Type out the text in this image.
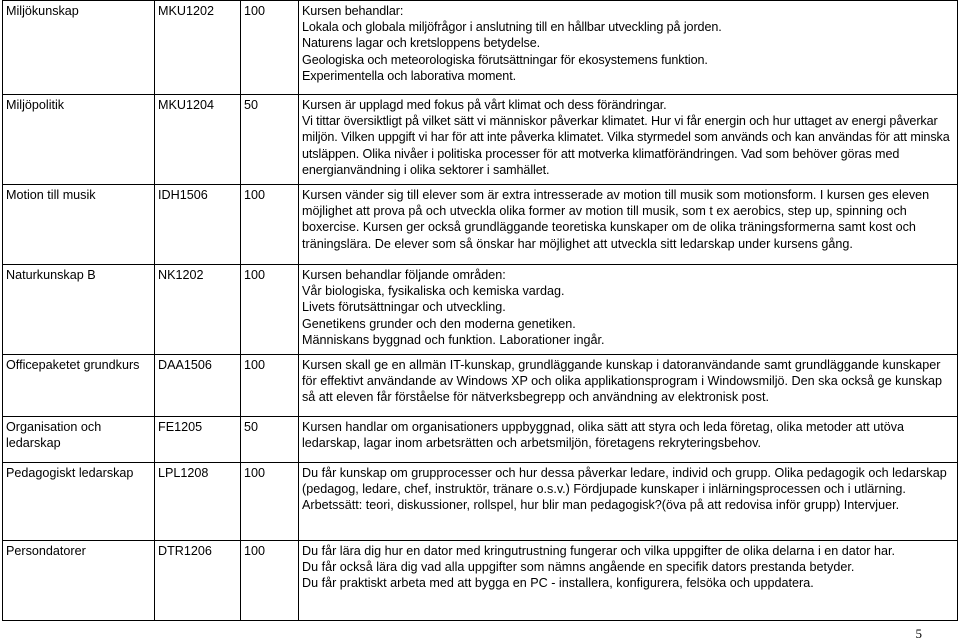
Miljökunskap	MKU1202	100	Kursen behandlar:
Lokala och globala miljöfrågor i anslutning till en hållbar utveckling på jorden.
Naturens lagar och kretsloppens betydelse.
Geologiska och meteorologiska förutsättningar för ekosystemens funktion.
Experimentella och laborativa moment.

Miljöpolitik	MKU1204	50	Kursen är upplagd med fokus på vårt klimat och dess förändringar.
Vi tittar översiktligt på vilket sätt vi människor påverkar klimatet. Hur vi får energin och hur uttaget av energi påverkar miljön. Vilken uppgift vi har för att inte påverka klimatet. Vilka styrmedel som används och kan användas för att minska utsläppen. Olika nivåer i politiska processer för att motverka klimatförändringen. Vad som behöver göras med energianvändning i olika sektorer i samhället.

Motion till musik	IDH1506	100	Kursen vänder sig till elever som är extra intresserade av motion till musik som motionsform. I kursen ges eleven möjlighet att prova på och utveckla olika former av motion till musik, som t ex aerobics, step up, spinning och boxercise. Kursen ger också grundläggande teoretiska kunskaper om de olika träningsformerna samt kost och träningslära. De elever som så önskar har möjlighet att utveckla sitt ledarskap under kursens gång.

Naturkunskap B	NK1202	100	Kursen behandlar följande områden:
Vår biologiska, fysikaliska och kemiska vardag.
Livets förutsättningar och utveckling.
Genetikens grunder och den moderna genetiken.
Människans byggnad och funktion. Laborationer ingår.

Officepaketet grundkurs	DAA1506	100	Kursen skall ge en allmän IT-kunskap, grundläggande kunskap i datoranvändande samt grundläggande kunskaper för effektivt användande av Windows XP och olika applikationsprogram i Windowsmiljö. Den ska också ge kunskap så att eleven får förståelse för nätverksbegrepp och användning av elektronisk post.

Organisation och ledarskap	FE1205	50	Kursen handlar om organisationers uppbyggnad, olika sätt att styra och leda företag, olika metoder att utöva ledarskap, lagar inom arbetsrätten och arbetsmiljön, företagens rekryteringsbehov.

Pedagogiskt ledarskap	LPL1208	100	Du får kunskap om grupprocesser och hur dessa påverkar ledare, individ och grupp. Olika pedagogik och ledarskap (pedagog, ledare, chef, instruktör, tränare o.s.v.) Fördjupade kunskaper i inlärningsprocessen och i utlärning. Arbetssätt: teori, diskussioner, rollspel, hur blir man pedagogisk?(öva på att redovisa inför grupp) Intervjuer.

Persondatorer	DTR1206	100	Du får lära dig hur en dator med kringutrustning fungerar och vilka uppgifter de olika delarna i en dator har.
Du får också lära dig vad alla uppgifter som nämns angående en specifik dators prestanda betyder.
Du får praktiskt arbeta med att bygga en PC - installera, konfigurera, felsöka och uppdatera.
5
